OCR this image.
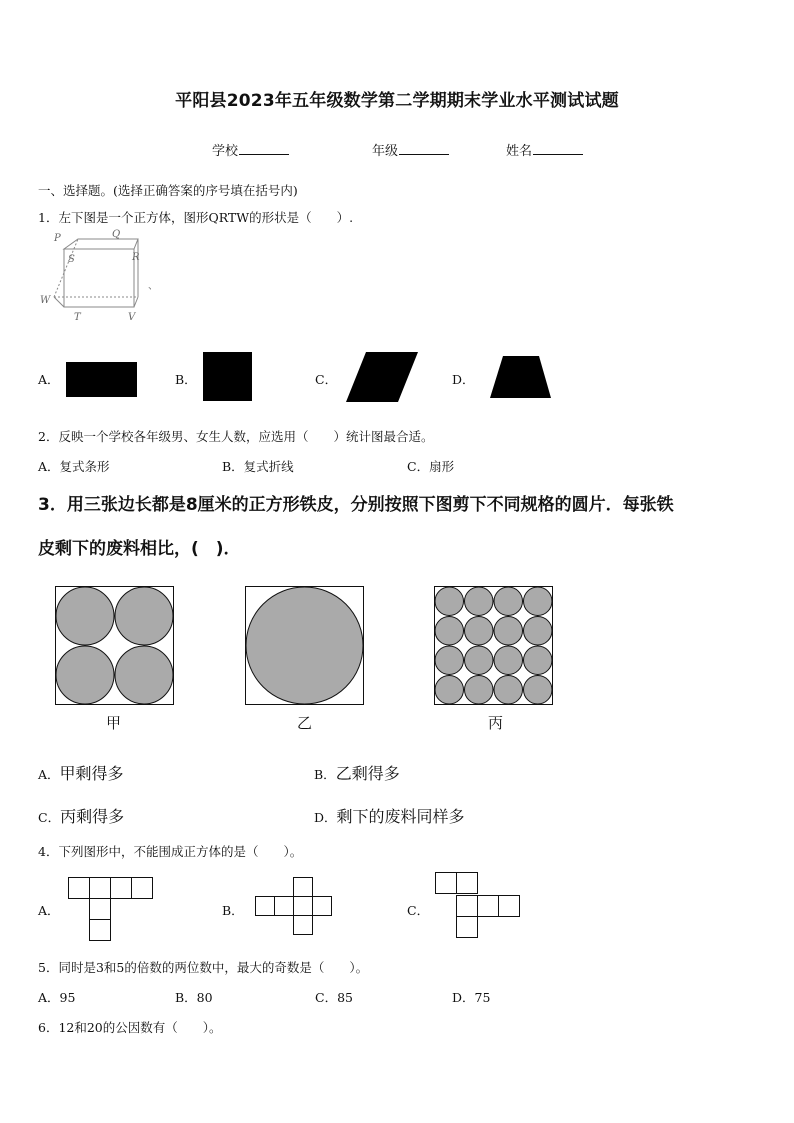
平阳县2023年五年级数学第二学期期末学业水平测试试题
学校	年级	姓名
一、选择题。(选择正确答案的序号填在括号内)
1．左下图是一个正方体，图形QRTW的形状是（　　）.
P	Q
R
S
W
T	V
、
A．	B．	C．	D．
2．反映一个学校各年级男、女生人数，应选用（　　）统计图最合适。
A．复式条形	B．复式折线	C．扇形
3．用三张边长都是8厘米的正方形铁皮，分别按照下图剪下不同规格的圆片．每张铁
皮剩下的废料相比，(　)．
甲	乙	丙
A．甲剩得多	B．乙剩得多
C．丙剩得多	D．剩下的废料同样多
4．下列图形中，不能围成正方体的是（　　）。
A．	B．	C．
5．同时是3和5的倍数的两位数中，最大的奇数是（　　）。
A．95	B．80	C．85	D．75
6．12和20的公因数有（　　）。
